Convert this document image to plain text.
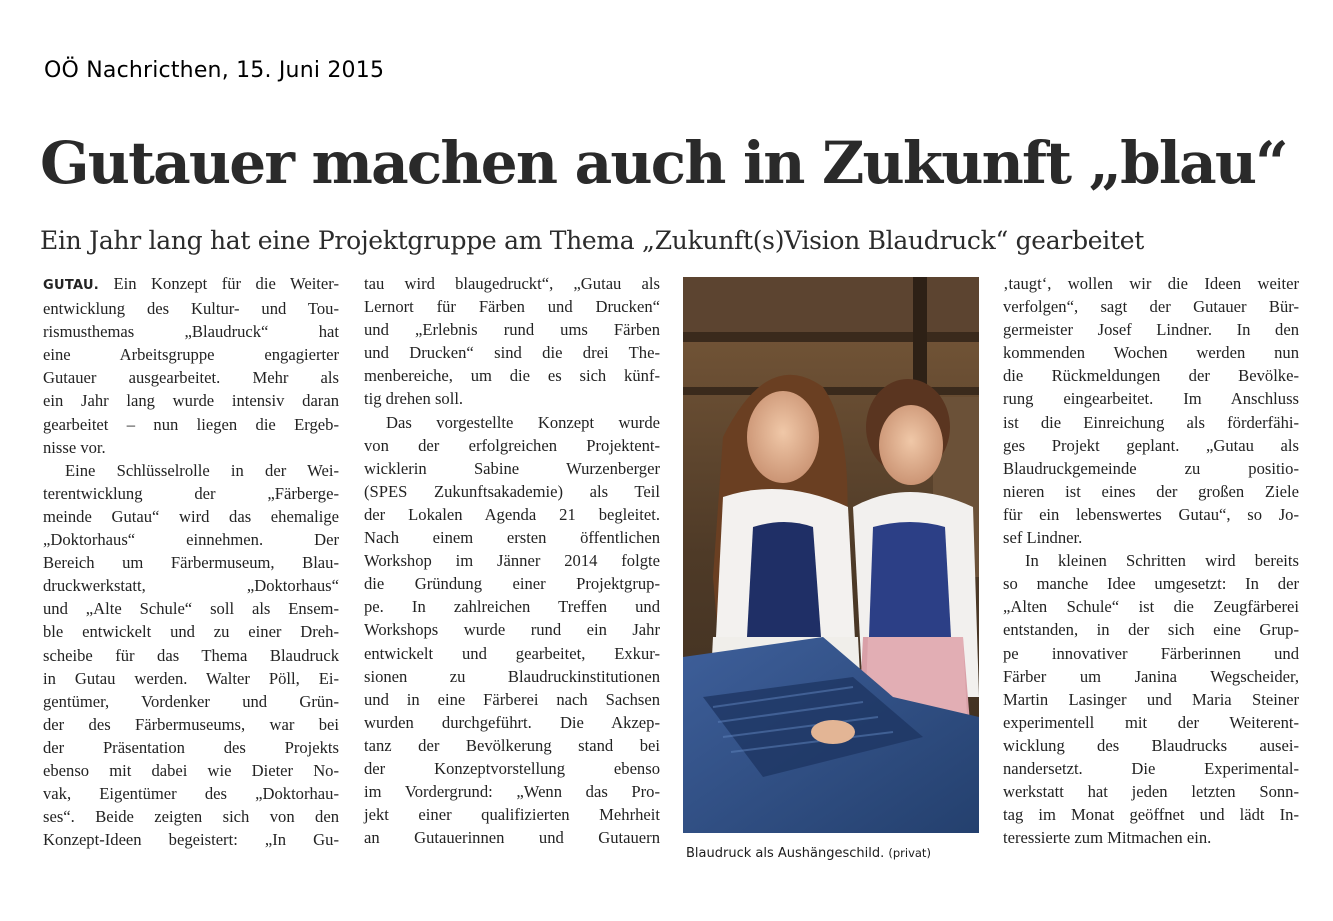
OÖ Nachricthen, 15. Juni 2015
Gutauer machen auch in Zukunft „blau“
Ein Jahr lang hat eine Projektgruppe am Thema „Zukunft(s)Vision Blaudruck“ gearbeitet
GUTAU. Ein Konzept für die Weiter-
entwicklung des Kultur- und Tou-
rismusthemas „Blaudruck“ hat
eine Arbeitsgruppe engagierter
Gutauer ausgearbeitet. Mehr als
ein Jahr lang wurde intensiv daran
gearbeitet – nun liegen die Ergeb-
nisse vor.
Eine Schlüsselrolle in der Wei-
terentwicklung der „Färberge-
meinde Gutau“ wird das ehemalige
„Doktorhaus“ einnehmen. Der
Bereich um Färbermuseum, Blau-
druckwerkstatt, „Doktorhaus“
und „Alte Schule“ soll als Ensem-
ble entwickelt und zu einer Dreh-
scheibe für das Thema Blaudruck
in Gutau werden. Walter Pöll, Ei-
gentümer, Vordenker und Grün-
der des Färbermuseums, war bei
der Präsentation des Projekts
ebenso mit dabei wie Dieter No-
vak, Eigentümer des „Doktorhau-
ses“. Beide zeigten sich von den
Konzept-Ideen begeistert: „In Gu-
tau wird blaugedruckt“, „Gutau als
Lernort für Färben und Drucken“
und „Erlebnis rund ums Färben
und Drucken“ sind die drei The-
menbereiche, um die es sich künf-
tig drehen soll.
Das vorgestellte Konzept wurde
von der erfolgreichen Projektent-
wicklerin Sabine Wurzenberger
(SPES Zukunftsakademie) als Teil
der Lokalen Agenda 21 begleitet.
Nach einem ersten öffentlichen
Workshop im Jänner 2014 folgte
die Gründung einer Projektgrup-
pe. In zahlreichen Treffen und
Workshops wurde rund ein Jahr
entwickelt und gearbeitet, Exkur-
sionen zu Blaudruckinstitutionen
und in eine Färberei nach Sachsen
wurden durchgeführt. Die Akzep-
tanz der Bevölkerung stand bei
der Konzeptvorstellung ebenso
im Vordergrund: „Wenn das Pro-
jekt einer qualifizierten Mehrheit
an Gutauerinnen und Gutauern
‚taugt‘, wollen wir die Ideen weiter
verfolgen“, sagt der Gutauer Bür-
germeister Josef Lindner. In den
kommenden Wochen werden nun
die Rückmeldungen der Bevölke-
rung eingearbeitet. Im Anschluss
ist die Einreichung als förderfähi-
ges Projekt geplant. „Gutau als
Blaudruckgemeinde zu positio-
nieren ist eines der großen Ziele
für ein lebenswertes Gutau“, so Jo-
sef Lindner.
In kleinen Schritten wird bereits
so manche Idee umgesetzt: In der
„Alten Schule“ ist die Zeugfärberei
entstanden, in der sich eine Grup-
pe innovativer Färberinnen und
Färber um Janina Wegscheider,
Martin Lasinger und Maria Steiner
experimentell mit der Weiterent-
wicklung des Blaudrucks ausei-
nandersetzt. Die Experimental-
werkstatt hat jeden letzten Sonn-
tag im Monat geöffnet und lädt In-
teressierte zum Mitmachen ein.
Blaudruck als Aushängeschild. (privat)
